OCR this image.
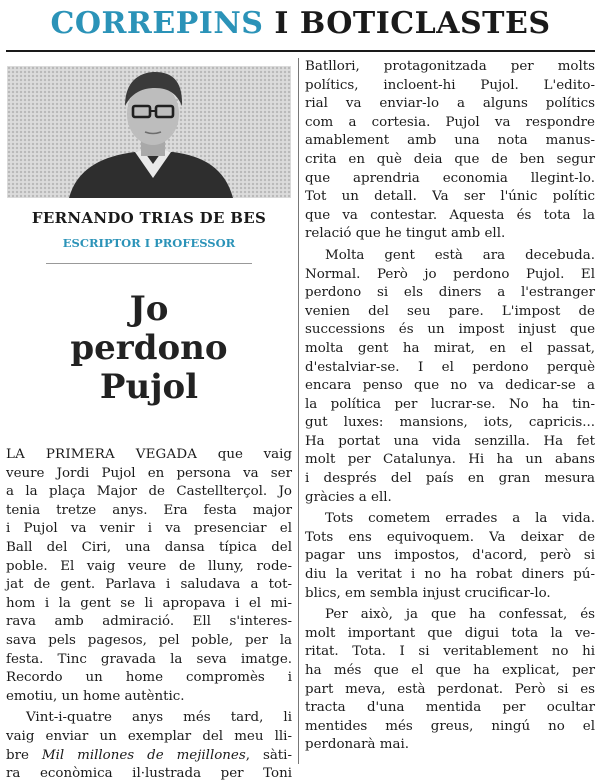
CORREPINS I BOTICLASTES
FERNANDO TRIAS DE BES
ESCRIPTOR I PROFESSOR
Jo
perdono
Pujol
LA PRIMERA VEGADA que vaig
veure Jordi Pujol en persona va ser
a la plaça Major de Castellterçol. Jo
tenia tretze anys. Era festa major
i Pujol va venir i va presenciar el
Ball del Ciri, una dansa típica del
poble. El vaig veure de lluny, rode-
jat de gent. Parlava i saludava a tot-
hom i la gent se li apropava i el mi-
rava amb admiració. Ell s'interes-
sava pels pagesos, pel poble, per la
festa. Tinc gravada la seva imatge.
Recordo un home compromès i
emotiu, un home autèntic.
Vint-i-quatre anys més tard, li
vaig enviar un exemplar del meu lli-
bre Mil millones de mejillones, sàti-
ra econòmica il·lustrada per Toni
Batllori, protagonitzada per molts
polítics, incloent-hi Pujol. L'edito-
rial va enviar-lo a alguns polítics
com a cortesia. Pujol va respondre
amablement amb una nota manus-
crita en què deia que de ben segur
que aprendria economia llegint-lo.
Tot un detall. Va ser l'únic polític
que va contestar. Aquesta és tota la
relació que he tingut amb ell.
Molta gent està ara decebuda.
Normal. Però jo perdono Pujol. El
perdono si els diners a l'estranger
venien del seu pare. L'impost de
successions és un impost injust que
molta gent ha mirat, en el passat,
d'estalviar-se. I el perdono perquè
encara penso que no va dedicar-se a
la política per lucrar-se. No ha tin-
gut luxes: mansions, iots, capricis...
Ha portat una vida senzilla. Ha fet
molt per Catalunya. Hi ha un abans
i després del país en gran mesura
gràcies a ell.
Tots cometem errades a la vida.
Tots ens equivoquem. Va deixar de
pagar uns impostos, d'acord, però si
diu la veritat i no ha robat diners pú-
blics, em sembla injust crucificar-lo.
Per això, ja que ha confessat, és
molt important que digui tota la ve-
ritat. Tota. I si veritablement no hi
ha més que el que ha explicat, per
part meva, està perdonat. Però si es
tracta d'una mentida per ocultar
mentides més greus, ningú no el
perdonarà mai.
